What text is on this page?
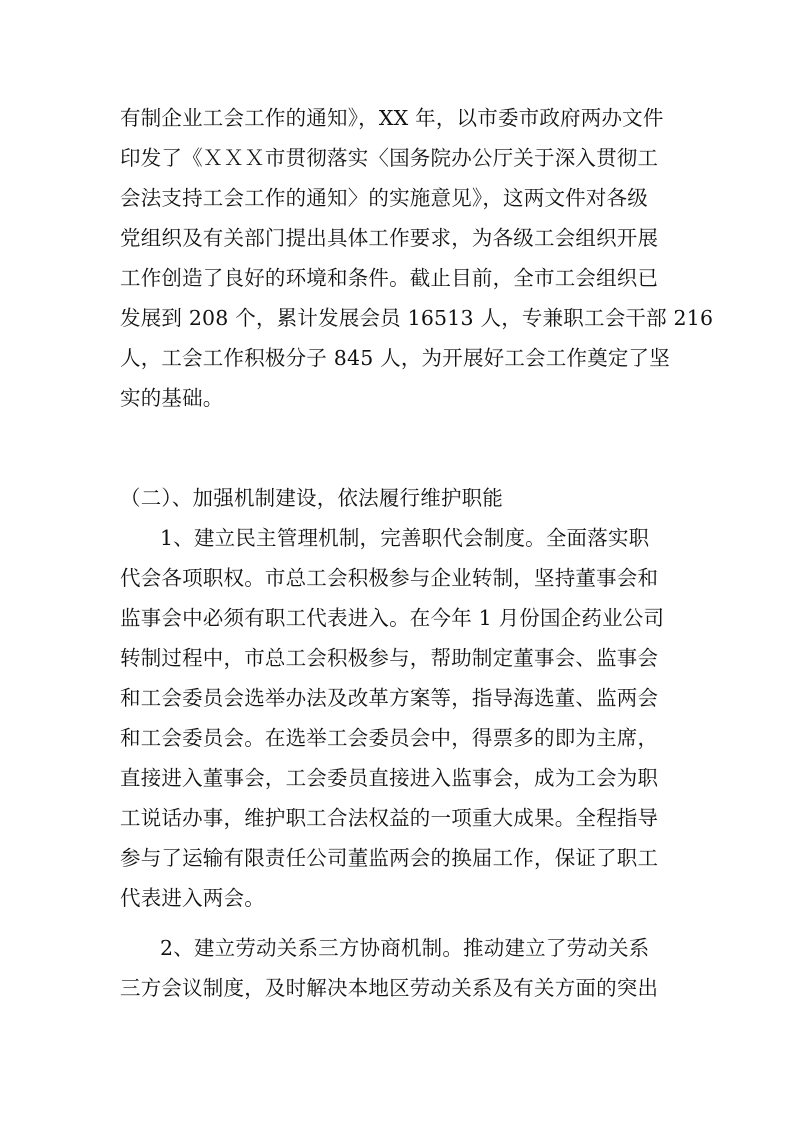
有制企业工会工作的通知》，XX 年，以市委市政府两办文件
印发了《ＸＸＸ市贯彻落实〈国务院办公厅关于深入贯彻工
会法支持工会工作的通知〉的实施意见》，这两文件对各级
党组织及有关部门提出具体工作要求，为各级工会组织开展
工作创造了良好的环境和条件。截止目前，全市工会组织已
发展到 208 个，累计发展会员 16513 人，专兼职工会干部 216
人，工会工作积极分子 845 人，为开展好工会工作奠定了坚
实的基础。
（二）、加强机制建设，依法履行维护职能
1、建立民主管理机制，完善职代会制度。全面落实职
代会各项职权。市总工会积极参与企业转制，坚持董事会和
监事会中必须有职工代表进入。在今年 1 月份国企药业公司
转制过程中，市总工会积极参与，帮助制定董事会、监事会
和工会委员会选举办法及改革方案等，指导海选董、监两会
和工会委员会。在选举工会委员会中，得票多的即为主席，
直接进入董事会，工会委员直接进入监事会，成为工会为职
工说话办事，维护职工合法权益的一项重大成果。全程指导
参与了运输有限责任公司董监两会的换届工作，保证了职工
代表进入两会。
2、建立劳动关系三方协商机制。推动建立了劳动关系
三方会议制度，及时解决本地区劳动关系及有关方面的突出
